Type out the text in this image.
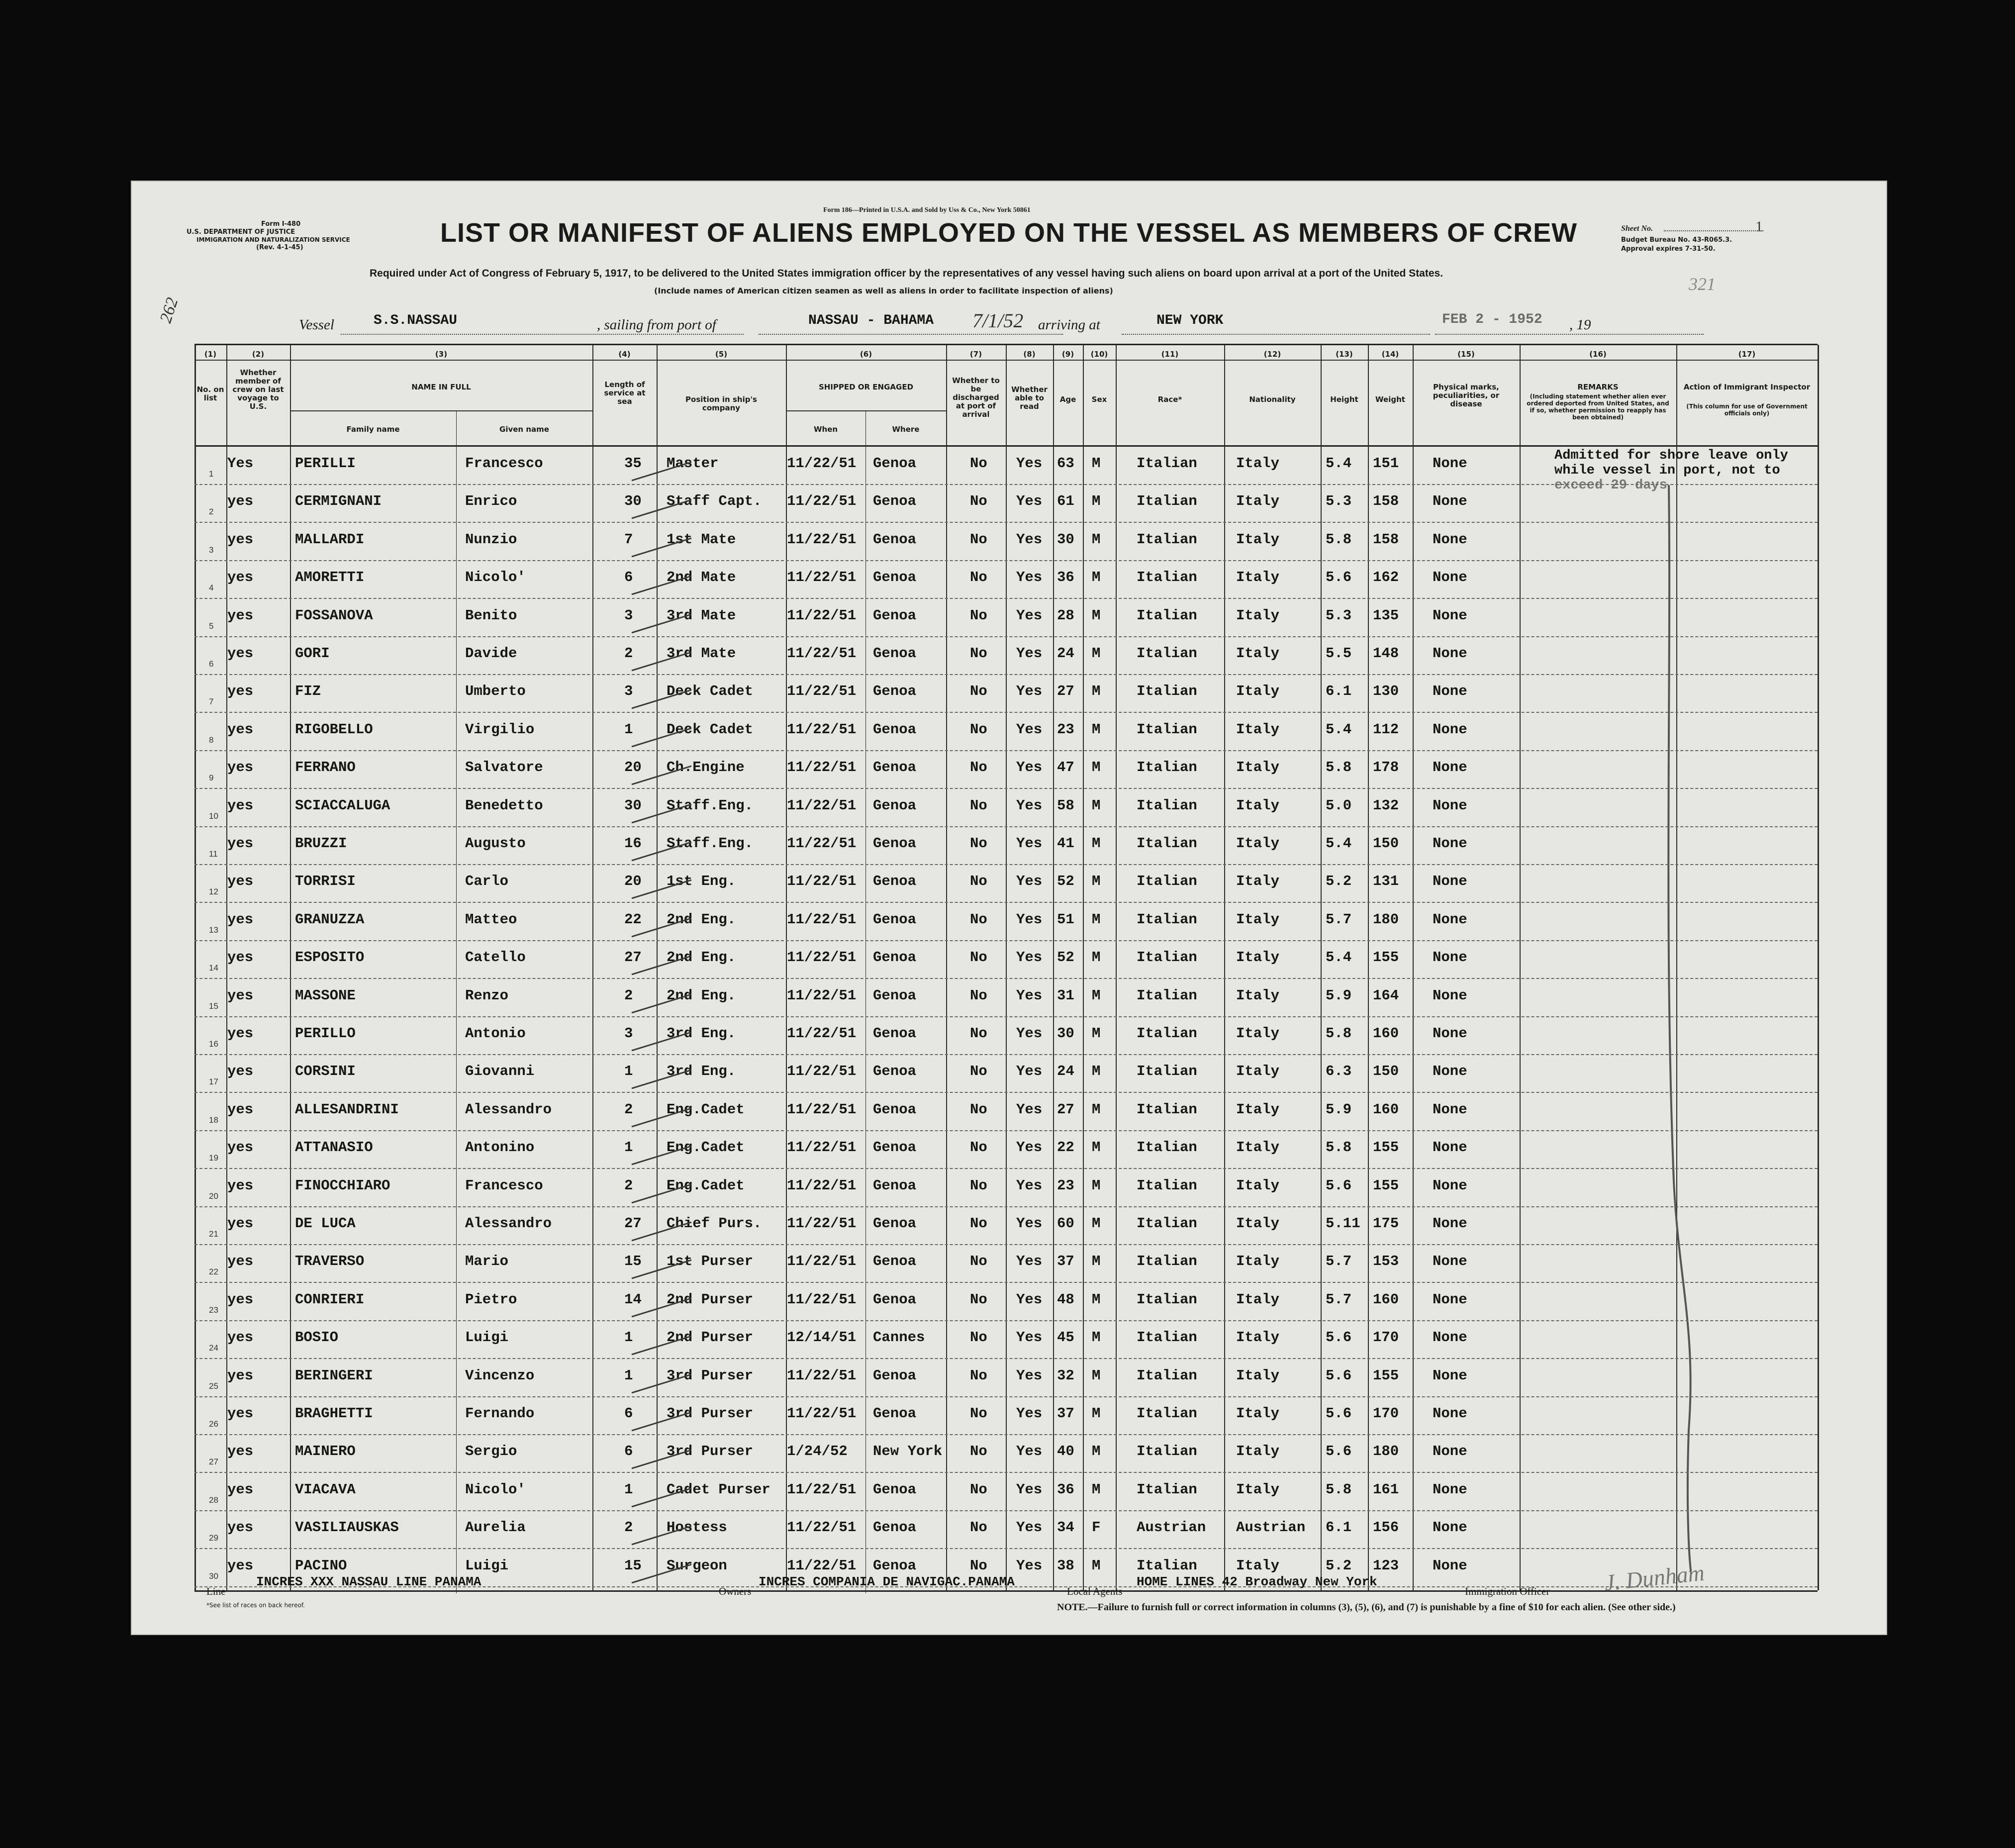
Form 186—Printed in U.S.A. and Sold by Uss & Co., New York 50861
Form I-480
U.S. DEPARTMENT OF JUSTICE
IMMIGRATION AND NATURALIZATION SERVICE
(Rev. 4-1-45)	LIST OR MANIFEST OF ALIENS EMPLOYED ON THE VESSEL AS MEMBERS OF CREW
Required under Act of Congress of February 5, 1917, to be delivered to the United States immigration officer by the representatives of any vessel having such aliens on board upon arrival at a port of the United States.
(Include names of American citizen seamen as well as aliens in order to facilitate inspection of aliens)
Sheet No.	1
Budget Bureau No. 43-R065.3.
Approval expires 7-31-50.
321
262	Vessel	S.S.NASSAU	, sailing from port of	NASSAU - BAHAMA 7/1/52 arriving at	NEW YORK	FEB 2 - 1952 , 19
(1)	(2)	(3)	(4)	(5)	(6)	(7)	(8)	(9)	(10)	(11)	(12)	(13)	(14)	(15)	(16)	(17)
No. on list
Whether member of crew on last voyage to U.S.
NAME IN FULL
Family name	Given name
Length of service at sea	Position in ship's company
SHIPPED OR ENGAGED
When	Where
Whether to be discharged at port of arrival
Whether able to read
Age	Sex	Race*	Nationality	Height	Weight
Physical marks, peculiarities, or disease
REMARKS
(Including statement whether alien ever ordered deported from United States, and if so, whether permission to reapply has been obtained)
Action of Immigrant Inspector
(This column for use of Government officials only)
Admitted for shore leave only
while vessel in port, not to
exceed 29 days
1
Yes	PERILLI	Francesco	35 Master	11/22/51 Genoa	No Yes 63 M	Italian	Italy	5.4 151 None
2
yes	CERMIGNANI	Enrico	30 Staff Capt. 11/22/51 Genoa	No Yes 61 M	Italian	Italy	5.3 158 None
3
yes	MALLARDI	Nunzio	7 1st Mate	11/22/51 Genoa	No Yes 30 M	Italian	Italy	5.8 158 None
4
yes	AMORETTI	Nicolo'	6 2nd Mate	11/22/51 Genoa	No Yes 36 M	Italian	Italy	5.6 162 None
5
yes	FOSSANOVA	Benito	3 3rd Mate	11/22/51 Genoa	No Yes 28 M	Italian	Italy	5.3 135 None
6
yes	GORI	Davide	2 3rd Mate	11/22/51 Genoa	No Yes 24 M	Italian	Italy	5.5 148 None
7
yes	FIZ	Umberto	3 Deck Cadet 11/22/51 Genoa	No Yes 27 M	Italian	Italy	6.1 130 None
8
yes	RIGOBELLO	Virgilio	1 Deck Cadet 11/22/51 Genoa	No Yes 23 M	Italian	Italy	5.4 112 None
9
yes	FERRANO	Salvatore	20 Ch.Engine	11/22/51 Genoa	No Yes 47 M	Italian	Italy	5.8 178 None
10
yes	SCIACCALUGA	Benedetto	30 Staff.Eng. 11/22/51 Genoa	No Yes 58 M	Italian	Italy	5.0 132 None
11
yes	BRUZZI	Augusto	16 Staff.Eng. 11/22/51 Genoa	No Yes 41 M	Italian	Italy	5.4 150 None
12
yes	TORRISI	Carlo	20 1st Eng.	11/22/51 Genoa	No Yes 52 M	Italian	Italy	5.2 131 None
13
yes	GRANUZZA	Matteo	22 2nd Eng.	11/22/51 Genoa	No Yes 51 M	Italian	Italy	5.7 180 None
14
yes	ESPOSITO	Catello	27 2nd Eng.	11/22/51 Genoa	No Yes 52 M	Italian	Italy	5.4 155 None
15
yes	MASSONE	Renzo	2 2nd Eng.	11/22/51 Genoa	No Yes 31 M	Italian	Italy	5.9 164 None
16
yes	PERILLO	Antonio	3 3rd Eng.	11/22/51 Genoa	No Yes 30 M	Italian	Italy	5.8 160 None
17
yes	CORSINI	Giovanni	1 3rd Eng.	11/22/51 Genoa	No Yes 24 M	Italian	Italy	6.3 150 None
18
yes	ALLESANDRINI	Alessandro	2 Eng.Cadet	11/22/51 Genoa	No Yes 27 M	Italian	Italy	5.9 160 None
19
yes	ATTANASIO	Antonino	1 Eng.Cadet	11/22/51 Genoa	No Yes 22 M	Italian	Italy	5.8 155 None
20
yes	FINOCCHIARO	Francesco	2 Eng.Cadet	11/22/51 Genoa	No Yes 23 M	Italian	Italy	5.6 155 None
21
yes	DE LUCA	Alessandro	27 Chief Purs. 11/22/51 Genoa	No Yes 60 M	Italian	Italy	5.11 175 None
22
yes	TRAVERSO	Mario	15 1st Purser 11/22/51 Genoa	No Yes 37 M	Italian	Italy	5.7 153 None
23
yes	CONRIERI	Pietro	14 2nd Purser 11/22/51 Genoa	No Yes 48 M	Italian	Italy	5.7 160 None
24
yes	BOSIO	Luigi	1 2nd Purser 12/14/51 Cannes	No Yes 45 M	Italian	Italy	5.6 170 None
25
yes	BERINGERI	Vincenzo	1 3rd Purser 11/22/51 Genoa	No Yes 32 M	Italian	Italy	5.6 155 None
26
yes	BRAGHETTI	Fernando	6 3rd Purser 11/22/51 Genoa	No Yes 37 M	Italian	Italy	5.6 170 None
27
yes	MAINERO	Sergio	6 3rd Purser 1/24/52 New York No Yes 40 M	Italian	Italy	5.6 180 None
28
yes	VIACAVA	Nicolo'	1 Cadet Purser 11/22/51 Genoa	No Yes 36 M	Italian	Italy	5.8 161 None
29
yes	VASILIAUSKAS	Aurelia	2 Hostess	11/22/51 Genoa	No Yes 34 F	Austrian Austrian 6.1 156 None
30
yes	PACINO	Luigi	15 Surgeon	11/22/51 Genoa	No Yes 38 M	Italian	Italy	5.2 123 None
Line
INCRES XXX NASSAU LINE PANAMA
Owners
INCRES COMPANIA DE NAVIGAC.PANAMA
Local Agents
HOME LINES 42 Broadway New York
Immigration Officer J. Dunham
*See list of races on back hereof.	NOTE.—Failure to furnish full or correct information in columns (3), (5), (6), and (7) is punishable by a fine of $10 for each alien. (See other side.)
